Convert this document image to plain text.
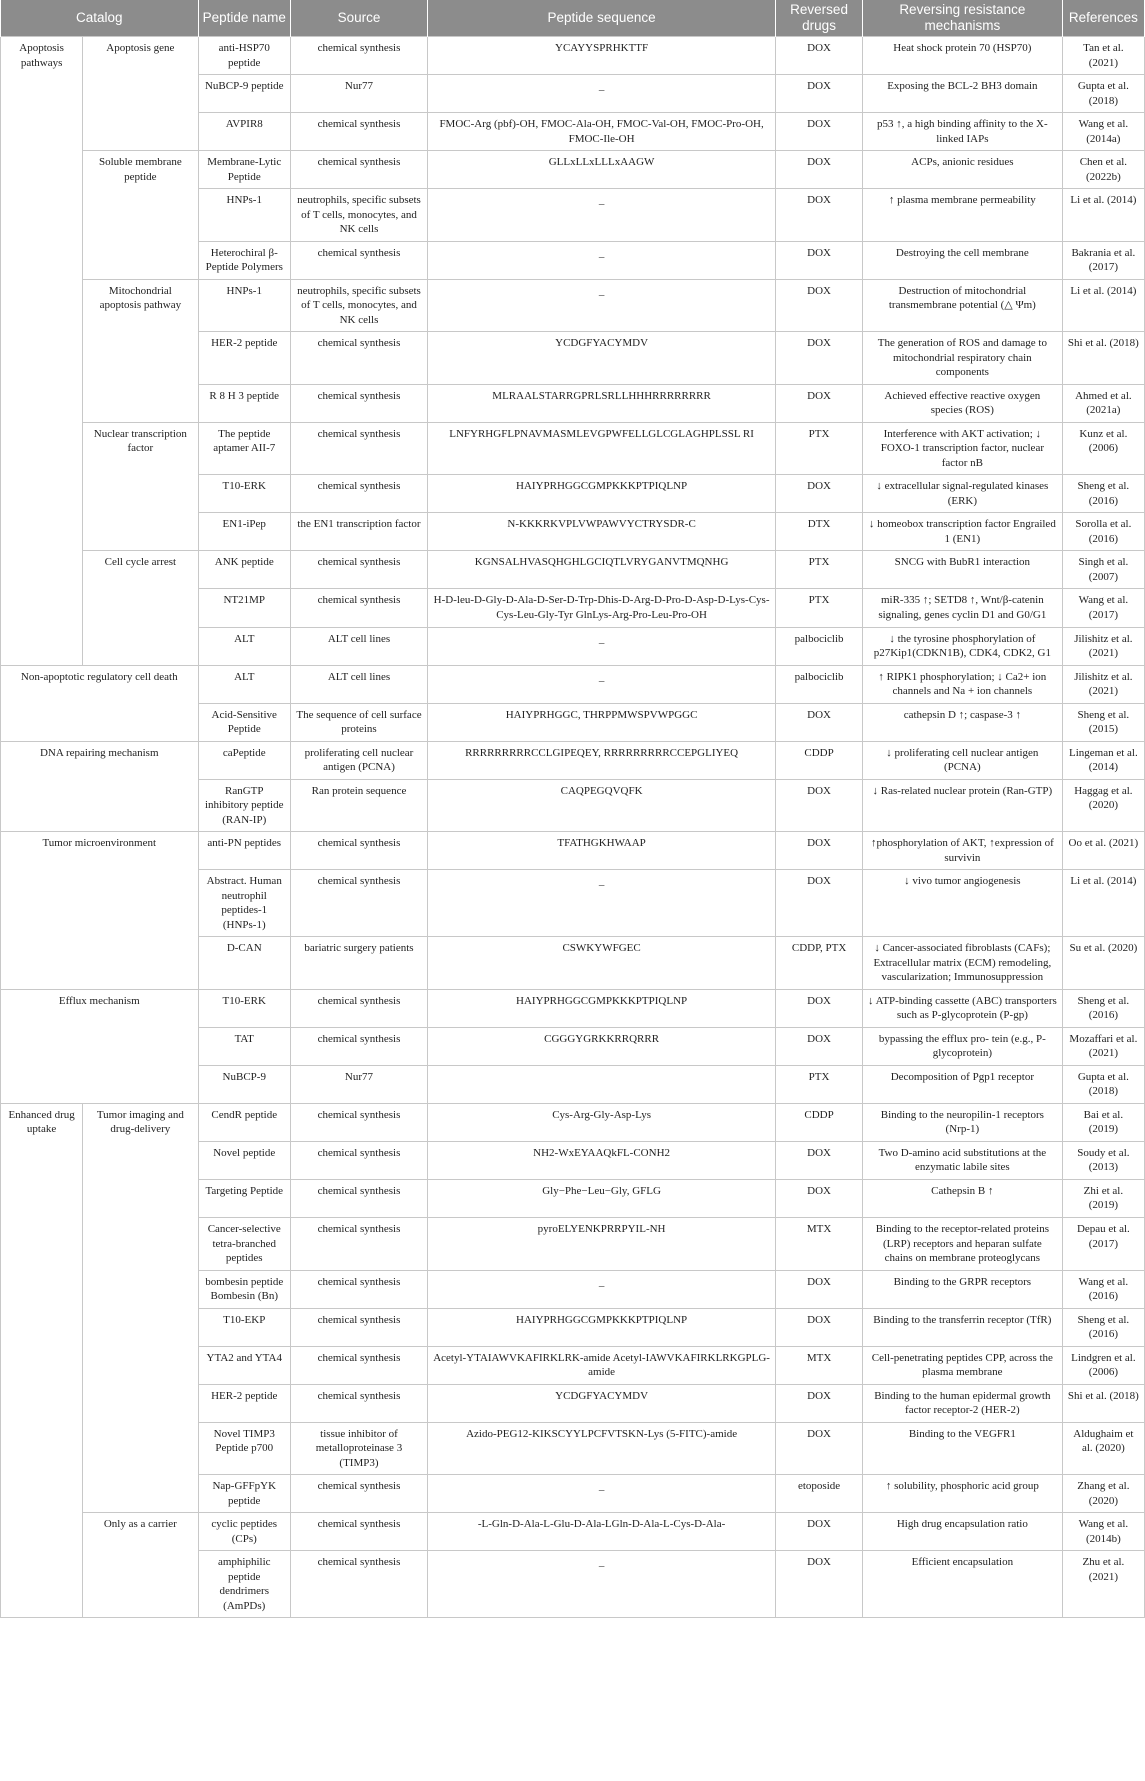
Catalog		Peptide name	Source	Peptide sequence	Reversed drugs	Reversing resistance mechanisms	References
Apoptosis pathways	Apoptosis gene	anti-HSP70 peptide	chemical synthesis	YCAYYSPRHKTTF	DOX	Heat shock protein 70 (HSP70)	Tan et al. (2021)
		NuBCP-9 peptide	Nur77	_	DOX	Exposing the BCL-2 BH3 domain	Gupta et al. (2018)
		AVPIR8	chemical synthesis	FMOC-Arg (pbf)-OH, FMOC-Ala-OH, FMOC-Val-OH, FMOC-Pro-OH, FMOC-Ile-OH	DOX	p53 ↑, a high binding affinity to the X-linked IAPs	Wang et al. (2014a)
	Soluble membrane peptide	Membrane-Lytic Peptide	chemical synthesis	GLLxLLxLLLxAAGW	DOX	ACPs, anionic residues	Chen et al. (2022b)
		HNPs-1	neutrophils, specific subsets of T cells, monocytes, and NK cells	_	DOX	↑ plasma membrane permeability	Li et al. (2014)
		Heterochiral β-Peptide Polymers	chemical synthesis	_	DOX	Destroying the cell membrane	Bakrania et al. (2017)
	Mitochondrial apoptosis pathway	HNPs-1	neutrophils, specific subsets of T cells, monocytes, and NK cells	_	DOX	Destruction of mitochondrial transmembrane potential (△ Ψm)	Li et al. (2014)
		HER-2 peptide	chemical synthesis	YCDGFYACYMDV	DOX	The generation of ROS and damage to mitochondrial respiratory chain components	Shi et al. (2018)
		R 8 H 3 peptide	chemical synthesis	MLRAALSTARRGPRLSRLLHHHRRRRRRRR	DOX	Achieved effective reactive oxygen species (ROS)	Ahmed et al. (2021a)
	Nuclear transcription factor	The peptide aptamer AII-7	chemical synthesis	LNFYRHGFLPNAVMASMLEVGPWFELLGLCGLAGHPLSSL RI	PTX	Interference with AKT activation; ↓ FOXO-1 transcription factor, nuclear factor nB	Kunz et al. (2006)
		T10-ERK	chemical synthesis	HAIYPRHGGCGMPKKKPTPIQLNP	DOX	↓ extracellular signal-regulated kinases (ERK)	Sheng et al. (2016)
		EN1-iPep	the EN1 transcription factor	N-KKKRKVPLVWPAWVYCTRYSDR-C	DTX	↓ homeobox transcription factor Engrailed 1 (EN1)	Sorolla et al. (2016)
	Cell cycle arrest	ANK peptide	chemical synthesis	KGNSALHVASQHGHLGCIQTLVRYGANVTMQNHG	PTX	SNCG with BubR1 interaction	Singh et al. (2007)
		NT21MP	chemical synthesis	H-D-leu-D-Gly-D-Ala-D-Ser-D-Trp-Dhis-D-Arg-D-Pro-D-Asp-D-Lys-Cys-Cys-Leu-Gly-Tyr GlnLys-Arg-Pro-Leu-Pro-OH	PTX	miR-335 ↑; SETD8 ↑, Wnt/β-catenin signaling, genes cyclin D1 and G0/G1	Wang et al. (2017)
		ALT	ALT cell lines	_	palbociclib	↓ the tyrosine phosphorylation of p27Kip1(CDKN1B), CDK4, CDK2, G1	Jilishitz et al. (2021)
Non-apoptotic regulatory cell death		ALT	ALT cell lines	_	palbociclib	↑ RIPK1 phosphorylation; ↓ Ca2+ ion channels and Na + ion channels	Jilishitz et al. (2021)
		Acid-Sensitive Peptide	The sequence of cell surface proteins	HAIYPRHGGC, THRPPMWSPVWPGGC	DOX	cathepsin D ↑; caspase-3 ↑	Sheng et al. (2015)
DNA repairing mechanism		caPeptide	proliferating cell nuclear antigen (PCNA)	RRRRRRRRRCCLGIPEQEY, RRRRRRRRRCCEPGLIYEQ	CDDP	↓ proliferating cell nuclear antigen (PCNA)	Lingeman et al. (2014)
		RanGTP inhibitory peptide (RAN-IP)	Ran protein sequence	CAQPEGQVQFK	DOX	↓ Ras-related nuclear protein (Ran-GTP)	Haggag et al. (2020)
Tumor microenvironment		anti-PN peptides	chemical synthesis	TFATHGKHWAAP	DOX	↑phosphorylation of AKT, ↑expression of survivin	Oo et al. (2021)
		Abstract. Human neutrophil peptides-1 (HNPs-1)	chemical synthesis	_	DOX	↓ vivo tumor angiogenesis	Li et al. (2014)
		D-CAN	bariatric surgery patients	CSWKYWFGEC	CDDP, PTX	↓ Cancer-associated fibroblasts (CAFs); Extracellular matrix (ECM) remodeling, vascularization; Immunosuppression	Su et al. (2020)
Efflux mechanism		T10-ERK	chemical synthesis	HAIYPRHGGCGMPKKKPTPIQLNP	DOX	↓ ATP-binding cassette (ABC) transporters such as P-glycoprotein (P-gp)	Sheng et al. (2016)
		TAT	chemical synthesis	CGGGYGRKKRRQRRR	DOX	bypassing the efflux pro- tein (e.g., P-glycoprotein)	Mozaffari et al. (2021)
		NuBCP-9	Nur77		PTX	Decomposition of Pgp1 receptor	Gupta et al. (2018)
Enhanced drug uptake	Tumor imaging and drug-delivery	CendR peptide	chemical synthesis	Cys-Arg-Gly-Asp-Lys	CDDP	Binding to the neuropilin-1 receptors (Nrp-1)	Bai et al. (2019)
		Novel peptide	chemical synthesis	NH2-WxEYAAQkFL-CONH2	DOX	Two D-amino acid substitutions at the enzymatic labile sites	Soudy et al. (2013)
		Targeting Peptide	chemical synthesis	Gly−Phe−Leu−Gly, GFLG	DOX	Cathepsin B ↑	Zhi et al. (2019)
		Cancer-selective tetra-branched peptides	chemical synthesis	pyroELYENKPRRPYIL-NH	MTX	Binding to the receptor-related proteins (LRP) receptors and heparan sulfate chains on membrane proteoglycans	Depau et al. (2017)
		bombesin peptide Bombesin (Bn)	chemical synthesis	_	DOX	Binding to the GRPR receptors	Wang et al. (2016)
		T10-EKP	chemical synthesis	HAIYPRHGGCGMPKKKPTPIQLNP	DOX	Binding to the transferrin receptor (TfR)	Sheng et al. (2016)
		YTA2 and YTA4	chemical synthesis	Acetyl-YTAIAWVKAFIRKLRK-amide Acetyl-IAWVKAFIRKLRKGPLG-amide	MTX	Cell-penetrating peptides CPP, across the plasma membrane	Lindgren et al. (2006)
		HER-2 peptide	chemical synthesis	YCDGFYACYMDV	DOX	Binding to the human epidermal growth factor receptor-2 (HER-2)	Shi et al. (2018)
		Novel TIMP3 Peptide p700	tissue inhibitor of metalloproteinase 3 (TIMP3)	Azido-PEG12-KIKSCYYLPCFVTSKN-Lys (5-FITC)-amide	DOX	Binding to the VEGFR1	Aldughaim et al. (2020)
		Nap-GFFpYK peptide	chemical synthesis	_	etoposide	↑ solubility, phosphoric acid group	Zhang et al. (2020)
	Only as a carrier	cyclic peptides (CPs)	chemical synthesis	-L-Gln-D-Ala-L-Glu-D-Ala-LGln-D-Ala-L-Cys-D-Ala-	DOX	High drug encapsulation ratio	Wang et al. (2014b)
		amphiphilic peptide dendrimers (AmPDs)	chemical synthesis	_	DOX	Efficient encapsulation	Zhu et al. (2021)
